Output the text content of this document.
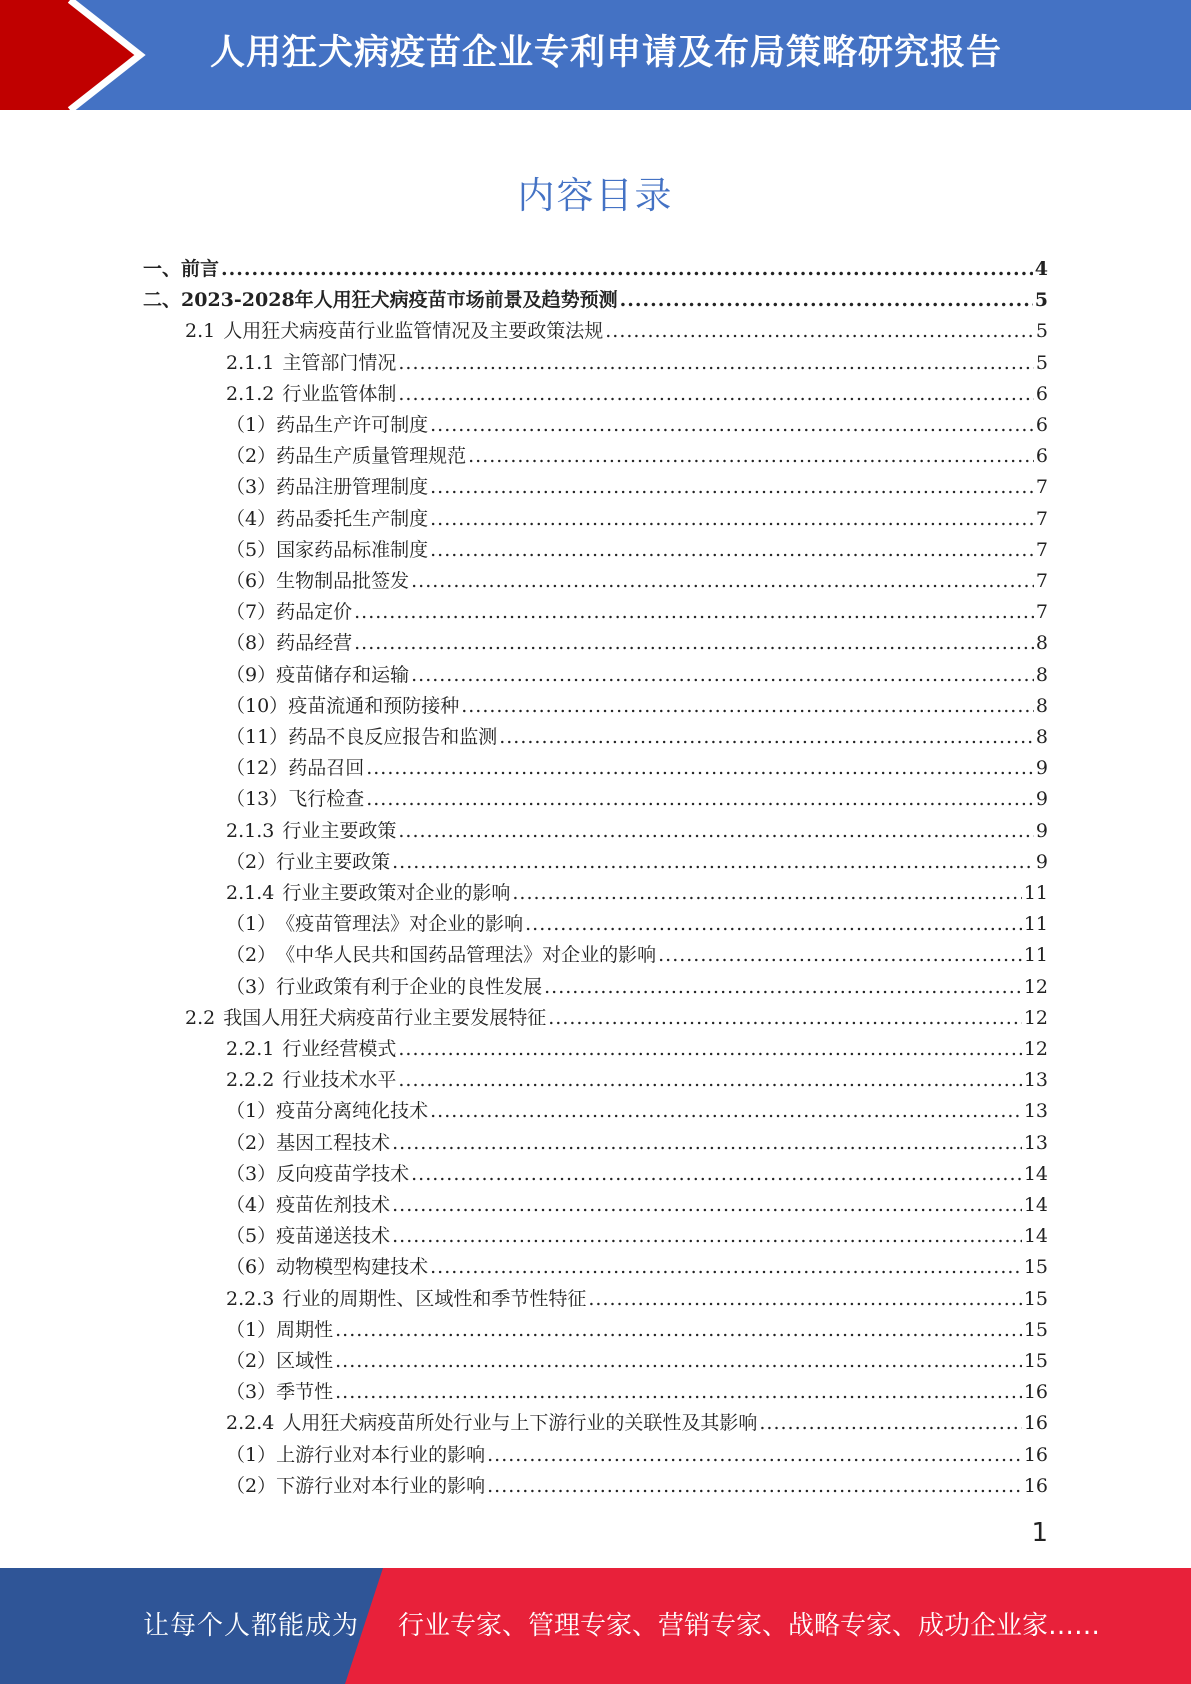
人用狂犬病疫苗企业专利申请及布局策略研究报告
内容目录
一、 前言 .....	4
二、 2023-2028年人用狂犬病疫苗市场前景及趋势预测 .....	5
2.1 人用狂犬病疫苗行业监管情况及主要政策法规 .....	5
2.1.1 主管部门情况 .....	5
2.1.2 行业监管体制 .....	6
（1） 药品生产许可制度 .....	6
（2） 药品生产质量管理规范 .....	6
（3） 药品注册管理制度 .....	7
（4） 药品委托生产制度 .....	7
（5） 国家药品标准制度 .....	7
（6） 生物制品批签发 .....	7
（7） 药品定价 .....	7
（8） 药品经营 .....	8
（9） 疫苗储存和运输 .....	8
（10） 疫苗流通和预防接种 .....	8
（11） 药品不良反应报告和监测 .....	8
（12） 药品召回 .....	9
（13） 飞行检查 .....	9
2.1.3 行业主要政策 .....	9
（2） 行业主要政策 .....	9
2.1.4 行业主要政策对企业的影响 .....	11
（1） 《疫苗管理法》对企业的影响 .....	11
（2） 《中华人民共和国药品管理法》对企业的影响 .....	11
（3） 行业政策有利于企业的良性发展 .....	12
2.2 我国人用狂犬病疫苗行业主要发展特征 .....	12
2.2.1 行业经营模式 .....	12
2.2.2 行业技术水平 .....	13
（1） 疫苗分离纯化技术 .....	13
（2） 基因工程技术 .....	13
（3） 反向疫苗学技术 .....	14
（4） 疫苗佐剂技术 .....	14
（5） 疫苗递送技术 .....	14
（6） 动物模型构建技术 .....	15
2.2.3 行业的周期性、区域性和季节性特征 .....	15
（1） 周期性 .....	15
（2） 区域性 .....	15
（3） 季节性 .....	16
2.2.4 人用狂犬病疫苗所处行业与上下游行业的关联性及其影响 .....	16
（1） 上游行业对本行业的影响 .....	16
（2） 下游行业对本行业的影响 .....	16
1
让每个人都能成为 行业专家、管理专家、营销专家、战略专家、成功企业家……
